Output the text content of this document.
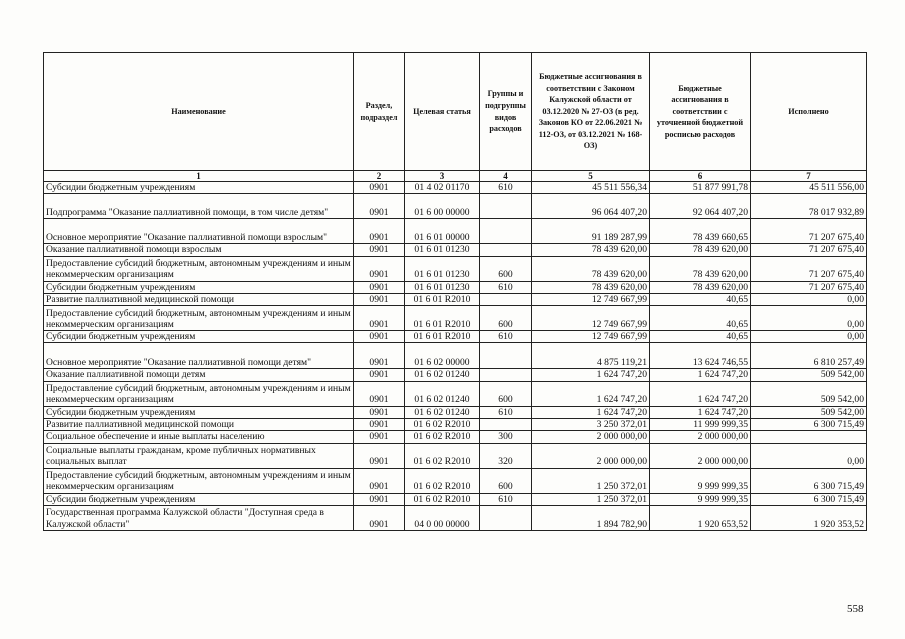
Наименование	Раздел, подраздел	Целевая статья	Группы и подгруппы видов расходов	Бюджетные ассигнования в соответствии с Законом Калужской области от 03.12.2020 № 27-ОЗ (в ред. Законов КО от 22.06.2021 № 112-ОЗ, от 03.12.2021 № 168-ОЗ)	Бюджетные ассигнования в соответствии с уточненной бюджетной росписью расходов	Исполнено
1	2	3	4	5	6	7
Субсидии бюджетным учреждениям	0901	01 4 02 01170	610	45 511 556,34	51 877 991,78	45 511 556,00
Подпрограмма "Оказание паллиативной помощи, в том числе детям"	0901	01 6 00 00000		96 064 407,20	92 064 407,20	78 017 932,89
Основное мероприятие "Оказание паллиативной помощи взрослым"	0901	01 6 01 00000		91 189 287,99	78 439 660,65	71 207 675,40
Оказание паллиативной помощи взрослым	0901	01 6 01 01230		78 439 620,00	78 439 620,00	71 207 675,40
Предоставление субсидий бюджетным, автономным учреждениям и иным некоммерческим организациям	0901	01 6 01 01230	600	78 439 620,00	78 439 620,00	71 207 675,40
Субсидии бюджетным учреждениям	0901	01 6 01 01230	610	78 439 620,00	78 439 620,00	71 207 675,40
Развитие паллиативной медицинской помощи	0901	01 6 01 R2010		12 749 667,99	40,65	0,00
Предоставление субсидий бюджетным, автономным учреждениям и иным некоммерческим организациям	0901	01 6 01 R2010	600	12 749 667,99	40,65	0,00
Субсидии бюджетным учреждениям	0901	01 6 01 R2010	610	12 749 667,99	40,65	0,00
Основное мероприятие "Оказание паллиативной помощи детям"	0901	01 6 02 00000		4 875 119,21	13 624 746,55	6 810 257,49
Оказание паллиативной помощи детям	0901	01 6 02 01240		1 624 747,20	1 624 747,20	509 542,00
Предоставление субсидий бюджетным, автономным учреждениям и иным некоммерческим организациям	0901	01 6 02 01240	600	1 624 747,20	1 624 747,20	509 542,00
Субсидии бюджетным учреждениям	0901	01 6 02 01240	610	1 624 747,20	1 624 747,20	509 542,00
Развитие паллиативной медицинской помощи	0901	01 6 02 R2010		3 250 372,01	11 999 999,35	6 300 715,49
Социальное обеспечение и иные выплаты населению	0901	01 6 02 R2010	300	2 000 000,00	2 000 000,00	
Социальные выплаты гражданам, кроме публичных нормативных социальных выплат	0901	01 6 02 R2010	320	2 000 000,00	2 000 000,00	0,00
Предоставление субсидий бюджетным, автономным учреждениям и иным некоммерческим организациям	0901	01 6 02 R2010	600	1 250 372,01	9 999 999,35	6 300 715,49
Субсидии бюджетным учреждениям	0901	01 6 02 R2010	610	1 250 372,01	9 999 999,35	6 300 715,49
Государственная программа Калужской области "Доступная среда в Калужской области"	0901	04 0 00 00000		1 894 782,90	1 920 653,52	1 920 353,52
558
